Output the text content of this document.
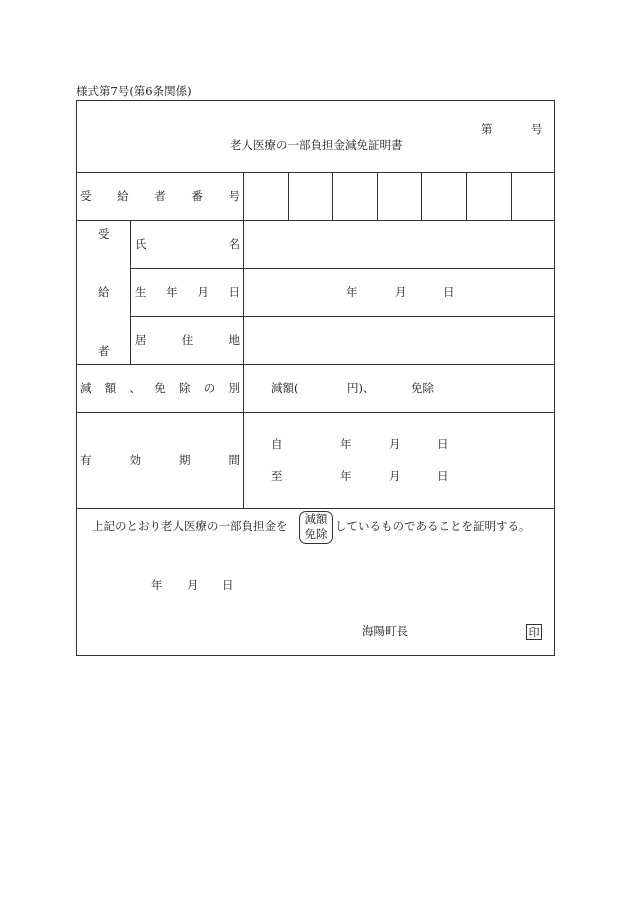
様式第7号(第6条関係)
第	号
老人医療の一部負担金減免証明書
受 給 者 番 号
受
給
者
氏	名
生 年 月 日	年	月	日
居	住	地
減 額 、 免 除 の 別	減額(	円)、	免除
有	効	期	間
自	年	月	日
至	年	月	日
上記のとおり老人医療の一部負担金を	減額
免除
しているものであることを証明する。
年 月 日
海陽町長	印
